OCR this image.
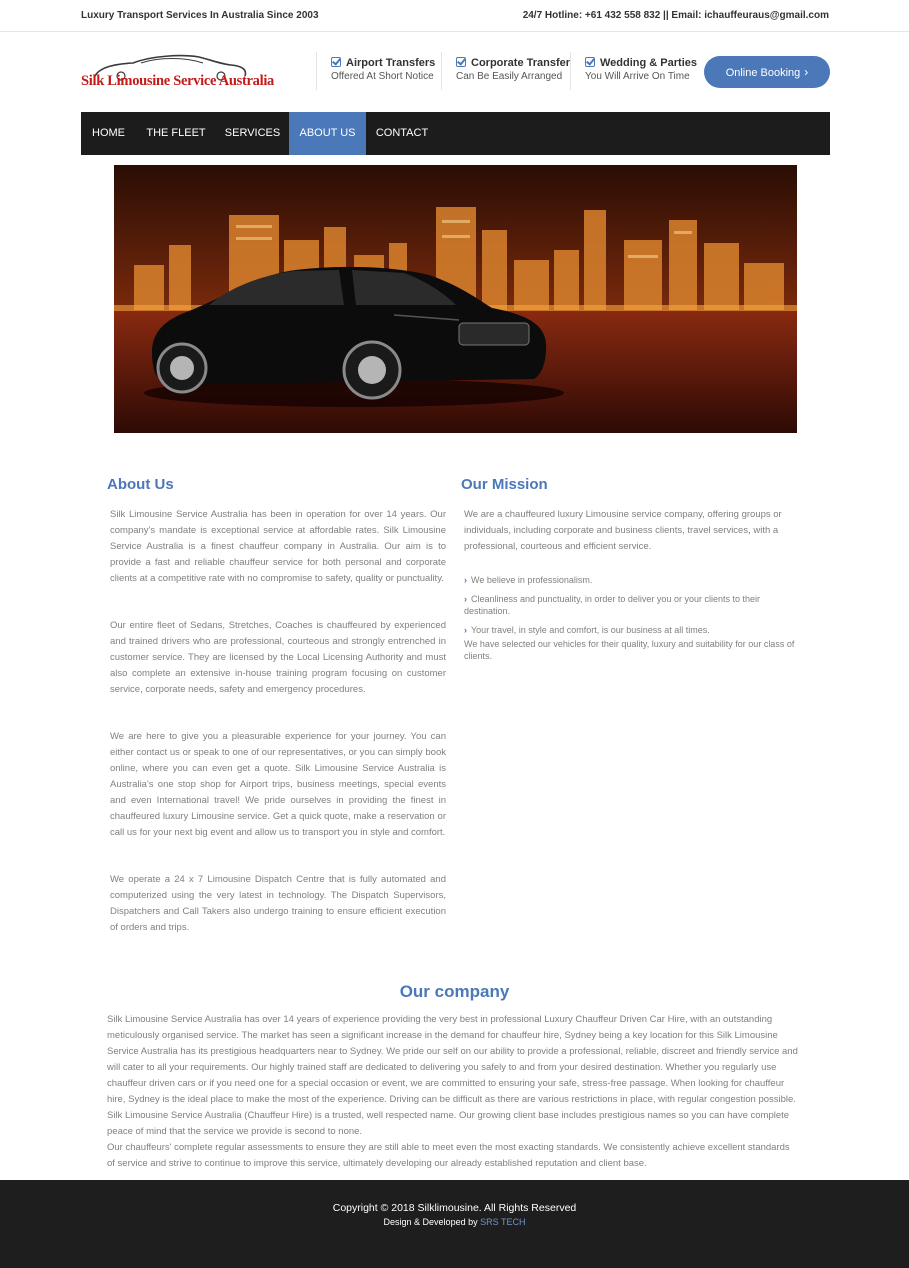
Luxury Transport Services In Australia Since 2003	24/7 Hotline: +61 432 558 832 || Email: ichauffeuraus@gmail.com
Silk Limousine Service Australia
Airport Transfers
Offered At Short Notice
Corporate Transfer
Can Be Easily Arranged
Wedding & Parties
You Will Arrive On Time	Online Booking ›
HOME	THE FLEET	SERVICES	ABOUT US	CONTACT
About Us

Silk Limousine Service Australia has been in operation for over 14 years. Our company's mandate is exceptional service at affordable rates. Silk Limousine Service Australia is a finest chauffeur company in Australia. Our aim is to provide a fast and reliable chauffeur service for both personal and corporate clients at a competitive rate with no compromise to safety, quality or punctuality.

Our entire fleet of Sedans, Stretches, Coaches is chauffeured by experienced and trained drivers who are professional, courteous and strongly entrenched in customer service. They are licensed by the Local Licensing Authority and must also complete an extensive in-house training program focusing on customer service, corporate needs, safety and emergency procedures.

We are here to give you a pleasurable experience for your journey. You can either contact us or speak to one of our representatives, or you can simply book online, where you can even get a quote. Silk Limousine Service Australia is Australia's one stop shop for Airport trips, business meetings, special events and even International travel! We pride ourselves in providing the finest in chauffeured luxury Limousine service. Get a quick quote, make a reservation or call us for your next big event and allow us to transport you in style and comfort.

We operate a 24 x 7 Limousine Dispatch Centre that is fully automated and computerized using the very latest in technology. The Dispatch Supervisors, Dispatchers and Call Takers also undergo training to ensure efficient execution of orders and trips.

Our Mission

We are a chauffeured luxury Limousine service company, offering groups or individuals, including corporate and business clients, travel services, with a professional, courteous and efficient service.

› We believe in professionalism.
› Cleanliness and punctuality, in order to deliver you or your clients to their destination.
› Your travel, in style and comfort, is our business at all times.

We have selected our vehicles for their quality, luxury and suitability for our class of clients.

Our company

Silk Limousine Service Australia has over 14 years of experience providing the very best in professional Luxury Chauffeur Driven Car Hire, with an outstanding meticulously organised service. The market has seen a significant increase in the demand for chauffeur hire, Sydney being a key location for this Silk Limousine Service Australia has its prestigious headquarters near to Sydney. We pride our self on our ability to provide a professional, reliable, discreet and friendly service and will cater to all your requirements. Our highly trained staff are dedicated to delivering you safely to and from your desired destination. Whether you regularly use chauffeur driven cars or if you need one for a special occasion or event, we are committed to ensuring your safe, stress-free passage. When looking for chauffeur hire, Sydney is the ideal place to make the most of the experience. Driving can be difficult as there are various restrictions in place, with regular congestion possible. Silk Limousine Service Australia (Chauffeur Hire) is a trusted, well respected name. Our growing client base includes prestigious names so you can have complete peace of mind that the service we provide is second to none.

Our chauffeurs' complete regular assessments to ensure they are still able to meet even the most exacting standards. We consistently achieve excellent standards of service and strive to continue to improve this service, ultimately developing our already established reputation and client base.

Copyright © 2018 Silklimousine. All Rights Reserved
Design & Developed by SRS TECH
